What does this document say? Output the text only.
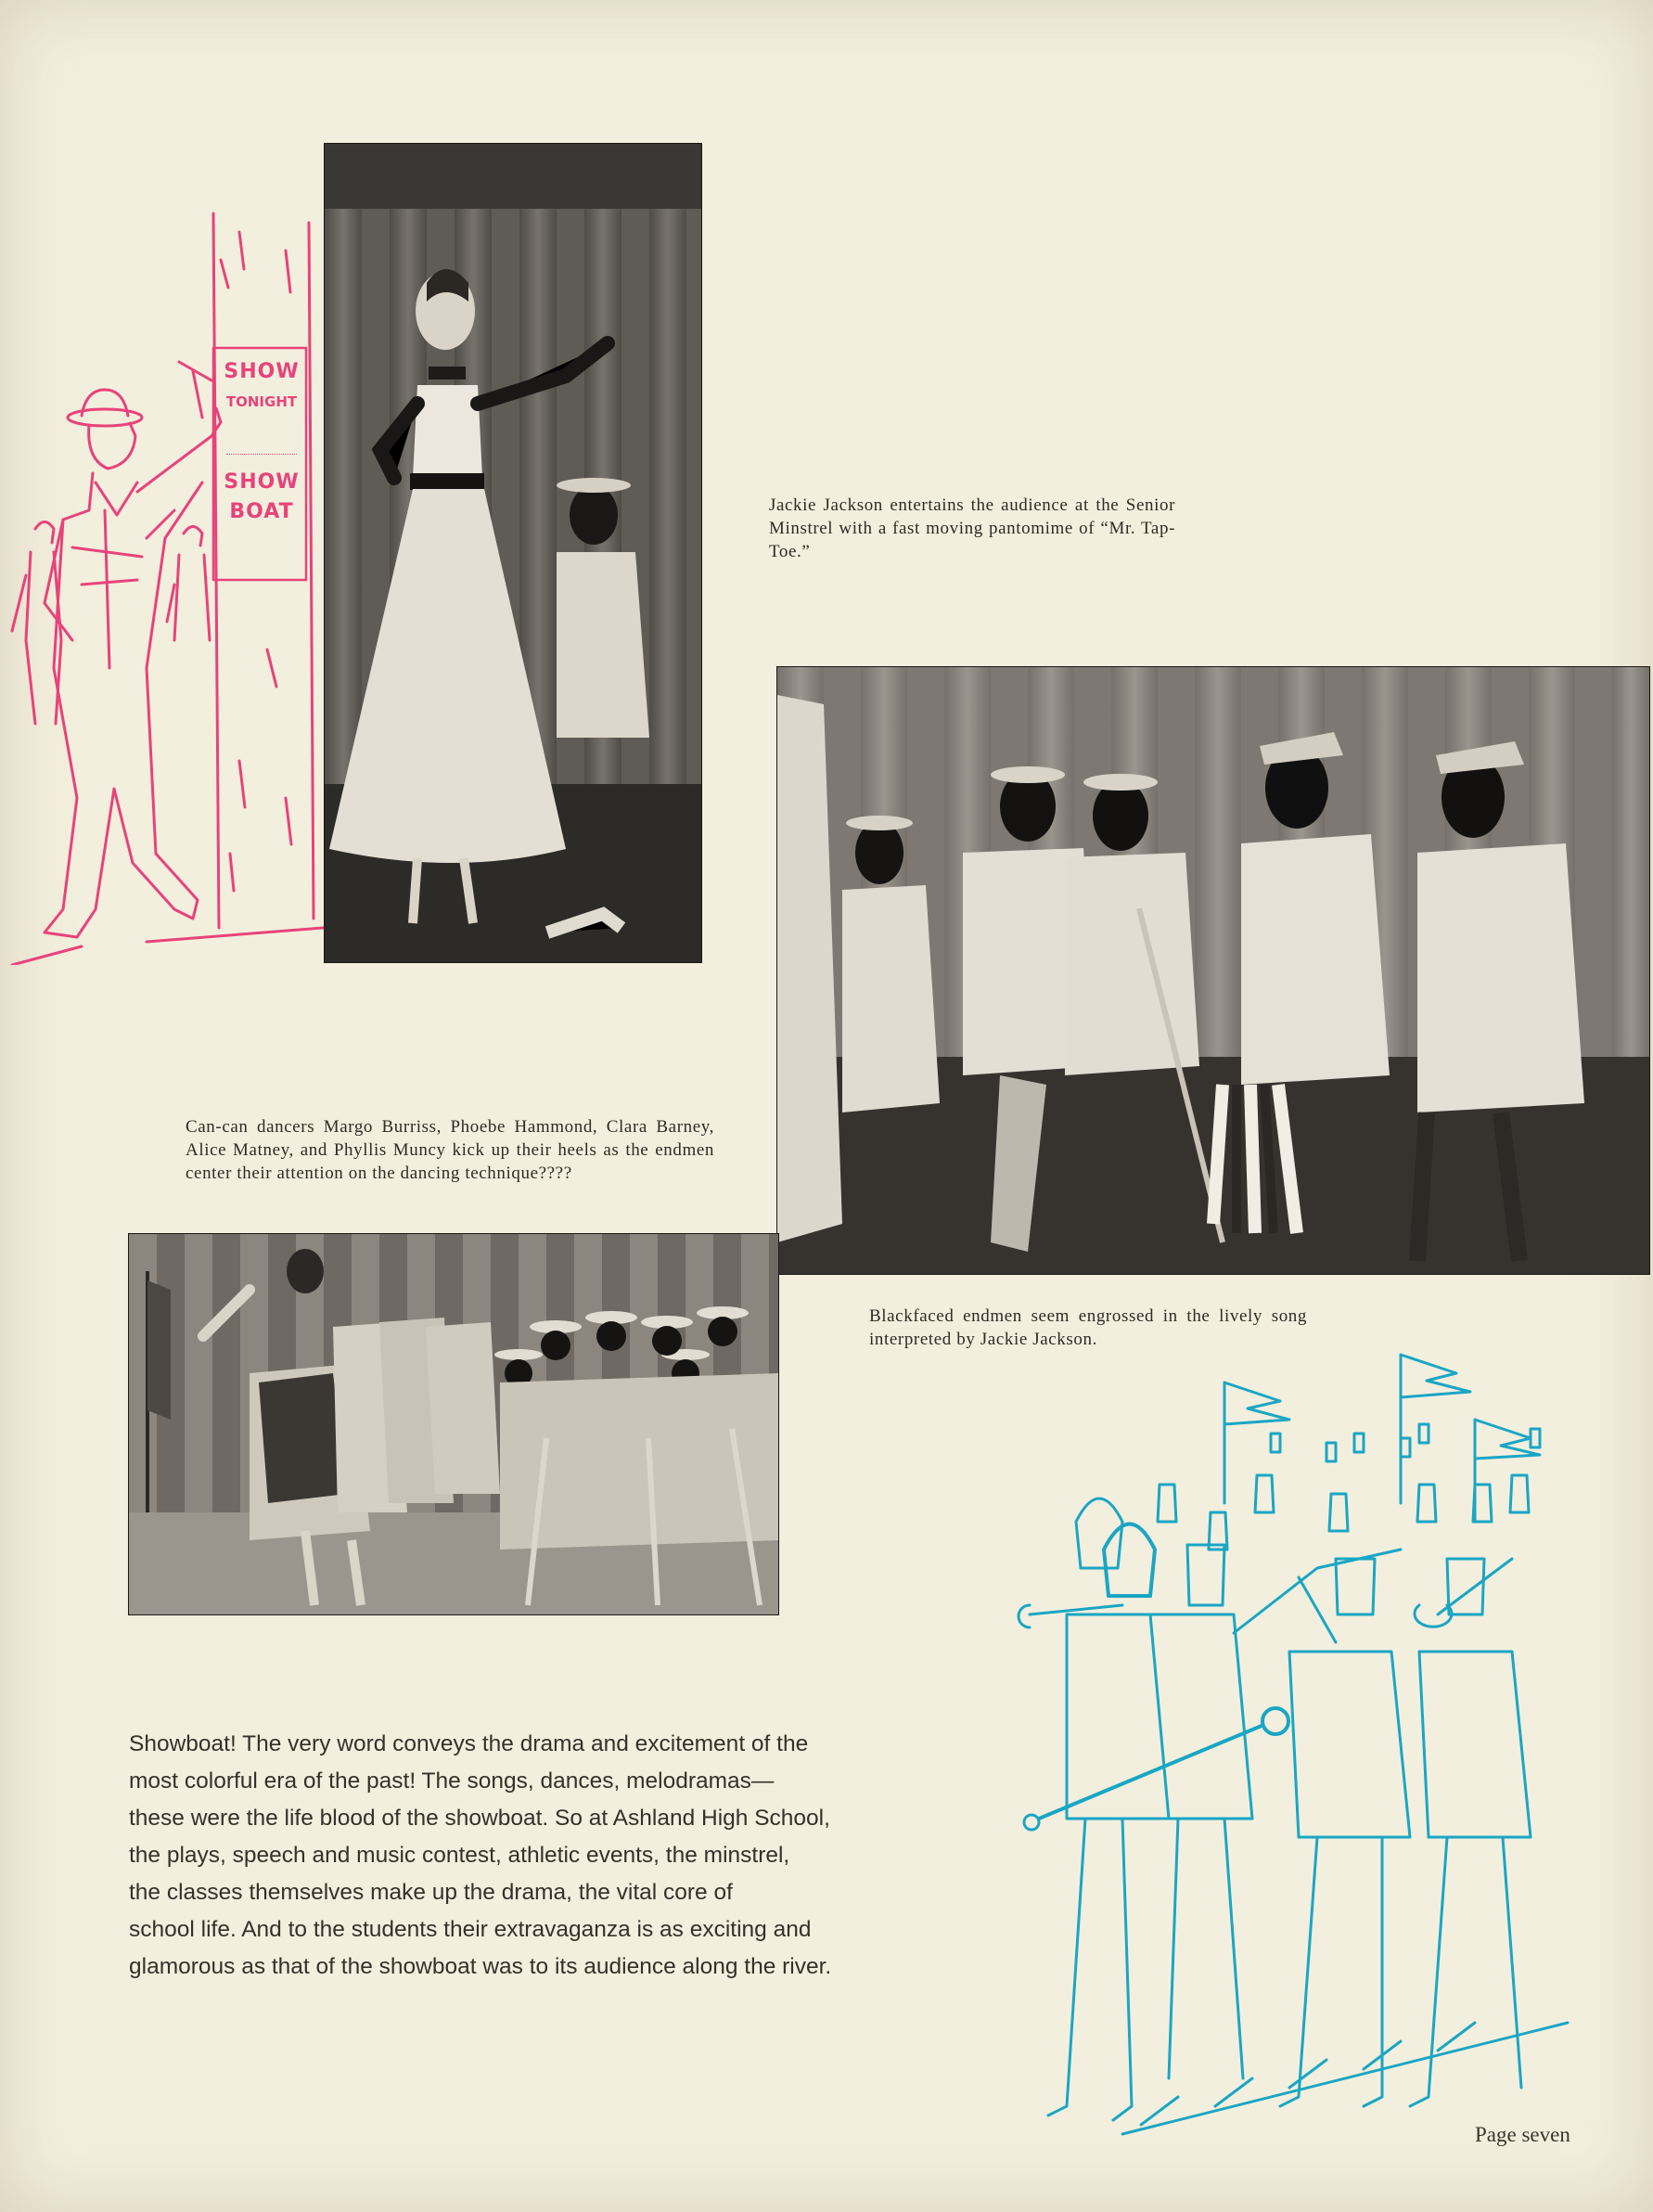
SHOW
TONIGHT
SHOW
BOAT	Jackie Jackson entertains the audience at the Senior Minstrel with a fast moving pantomime of “Mr. Tap-Toe.”
Can-can dancers Margo Burriss, Phoebe Hammond, Clara Barney, Alice Matney, and Phyllis Muncy kick up their heels as the endmen center their attention on the dancing technique????
Blackfaced endmen seem engrossed in the lively song interpreted by Jackie Jackson.
Showboat! The very word conveys the drama and excitement of the
most colorful era of the past! The songs, dances, melodramas—
these were the life blood of the showboat. So at Ashland High School,
the plays, speech and music contest, athletic events, the minstrel,
the classes themselves make up the drama, the vital core of
school life. And to the students their extravaganza is as exciting and
glamorous as that of the showboat was to its audience along the river.
Page seven
